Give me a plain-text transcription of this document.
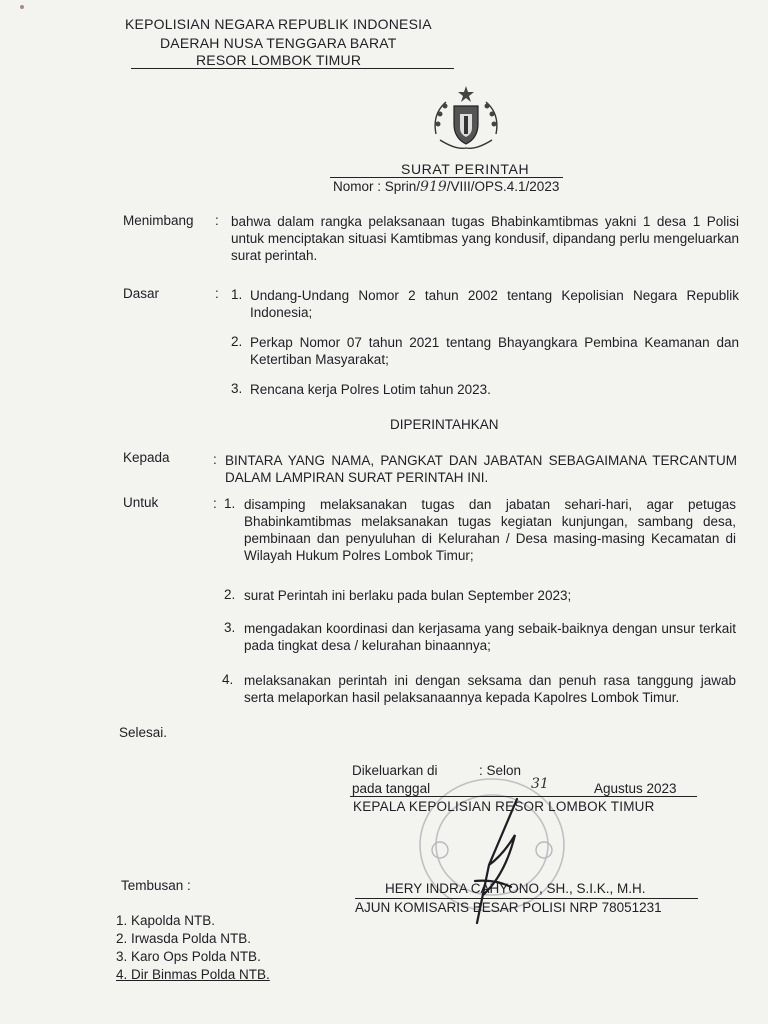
KEPOLISIAN NEGARA REPUBLIK INDONESIA
DAERAH NUSA TENGGARA BARAT
RESOR LOMBOK TIMUR
SURAT PERINTAH
Nomor : Sprin/919/VIII/OPS.4.1/2023
Menimbang : bahwa dalam rangka pelaksanaan tugas Bhabinkamtibmas yakni 1 desa 1 Polisi untuk menciptakan situasi Kamtibmas yang kondusif, dipandang perlu mengeluarkan surat perintah.
Dasar	: 1. Undang-Undang Nomor 2 tahun 2002 tentang Kepolisian Negara Republik Indonesia;
2. Perkap Nomor 07 tahun 2021 tentang Bhayangkara Pembina Keamanan dan Ketertiban Masyarakat;
3. Rencana kerja Polres Lotim tahun 2023.
DIPERINTAHKAN
Kepada	: BINTARA YANG NAMA, PANGKAT DAN JABATAN SEBAGAIMANA TERCANTUM DALAM LAMPIRAN SURAT PERINTAH INI.
Untuk	: 1. disamping melaksanakan tugas dan jabatan sehari-hari, agar petugas Bhabinkamtibmas melaksanakan tugas kegiatan kunjungan, sambang desa, pembinaan dan penyuluhan di Kelurahan / Desa masing-masing Kecamatan di Wilayah Hukum Polres Lombok Timur;
2. surat Perintah ini berlaku pada bulan September 2023;
3. mengadakan koordinasi dan kerjasama yang sebaik-baiknya dengan unsur terkait pada tingkat desa / kelurahan binaannya;
4. melaksanakan perintah ini dengan seksama dan penuh rasa tanggung jawab serta melaporkan hasil pelaksanaannya kepada Kapolres Lombok Timur.
Selesai.
Dikeluarkan di	: Selon
pada tanggal	31	Agustus 2023
KEPALA KEPOLISIAN RESOR LOMBOK TIMUR
HERY INDRA CAHYONO, SH., S.I.K., M.H.
AJUN KOMISARIS BESAR POLISI NRP 78051231
Tembusan :
1. Kapolda NTB.
2. Irwasda Polda NTB.
3. Karo Ops Polda NTB.
4. Dir Binmas Polda NTB.
